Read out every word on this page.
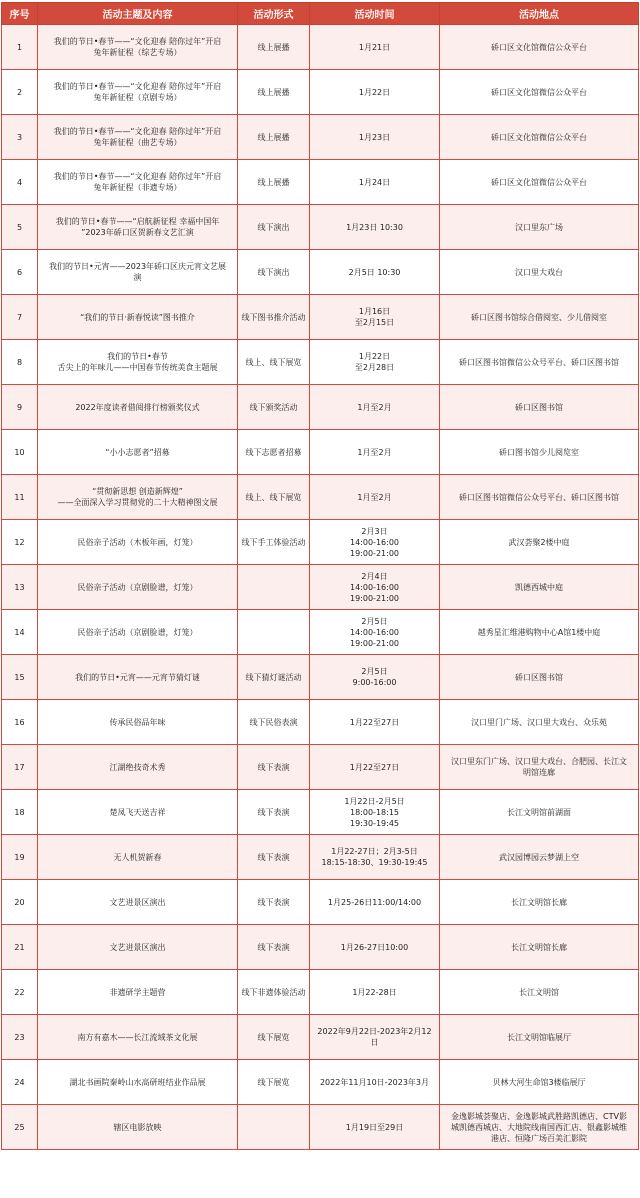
序号	活动主题及内容	活动形式	活动时间	活动地点
1	我们的节日•春节——“文化迎春 陪你过年”开启
兔年新征程（综艺专场）	线上展播	1月21日	硚口区文化馆微信公众平台

2	我们的节日•春节——“文化迎春 陪你过年”开启
兔年新征程（京剧专场）	线上展播	1月22日	硚口区文化馆微信公众平台

3	我们的节日•春节——“文化迎春 陪你过年”开启
兔年新征程（曲艺专场）	线上展播	1月23日	硚口区文化馆微信公众平台

4	我们的节日•春节——“文化迎春 陪你过年”开启
兔年新征程（非遗专场）	线上展播	1月24日	硚口区文化馆微信公众平台

5	我们的节日•春节——“启航新征程 幸福中国年
”2023年硚口区贺新春文艺汇演	线下演出	1月23日 10:30	汉口里东广场

6	我们的节日•元宵——2023年硚口区庆元宵文艺展
演	线下演出	2月5日 10:30	汉口里大戏台

7	“我们的节日·新春悦读”图书推介	线下图书推介活动	1月16日
至2月15日	硚口区图书馆综合借阅室、少儿借阅室

8	我们的节日•春节
舌尖上的年味儿——中国春节传统美食主题展	线上、线下展览	1月22日
至2月28日	硚口区图书馆微信公众号平台、硚口区图书馆

9	2022年度读者借阅排行榜颁奖仪式	线下颁奖活动	1月至2月	硚口区图书馆

10	“小小志愿者”招募	线下志愿者招募	1月至2月	硚口图书馆少儿阅览室

11	“贯彻新思想 创造新辉煌”
——全面深入学习贯彻党的二十大精神图文展	线上、线下展览	1月至2月	硚口区图书馆微信公众号平台、硚口区图书馆

12	民俗亲子活动（木板年画，灯笼）	线下手工体验活动	2月3日
14:00-16:00
19:00-21:00	武汉荟聚2楼中庭

13	民俗亲子活动（京剧脸谱，灯笼）		2月4日
14:00-16:00
19:00-21:00	凯德西城中庭

14	民俗亲子活动（京剧脸谱，灯笼）		2月5日
14:00-16:00
19:00-21:00	越秀星汇维港购物中心A馆1楼中庭

15	我们的节日•元宵——元宵节猜灯谜	线下猜灯谜活动	2月5日
9:00-16:00	硚口区图书馆

16	传承民俗品年味	线下民俗表演	1月22至27日	汉口里门广场、汉口里大戏台、众乐苑

17	江湖绝技奇术秀	线下表演	1月22至27日	汉口里东门广场、汉口里大戏台、合肥园、长江文
明馆连廊

18	楚凤飞天送吉祥	线下表演	1月22日-2月5日
18:00-18:15
19:30-19:45	长江文明馆前湖面

19	无人机贺新春	线下表演	1月22-27日；2月3-5日
18:15-18:30、19:30-19:45	武汉园博园云梦湖上空

20	文艺进景区演出	线下表演	1月25-26日11:00/14:00	长江文明馆长廊

21	文艺进景区演出	线下表演	1月26-27日10:00	长江文明馆长廊

22	非遗研学主题营	线下非遗体验活动	1月22-28日	长江文明馆

23	南方有嘉木——长江流域茶文化展	线下展览	2022年9月22日-2023年2月12
日	长江文明馆临展厅

24	湖北书画院秦岭山水高研班结业作品展	线下展览	2022年11月10日-2023年3月	贝林大河生命馆3楼临展厅

25	辖区电影放映		1月19日至29日	金逸影城荟聚店、金逸影城武胜路凯德店、CTV影
城凯德西城店、大地院线南国西汇店、银鑫影城维
港店、恒隆广场百美汇影院
